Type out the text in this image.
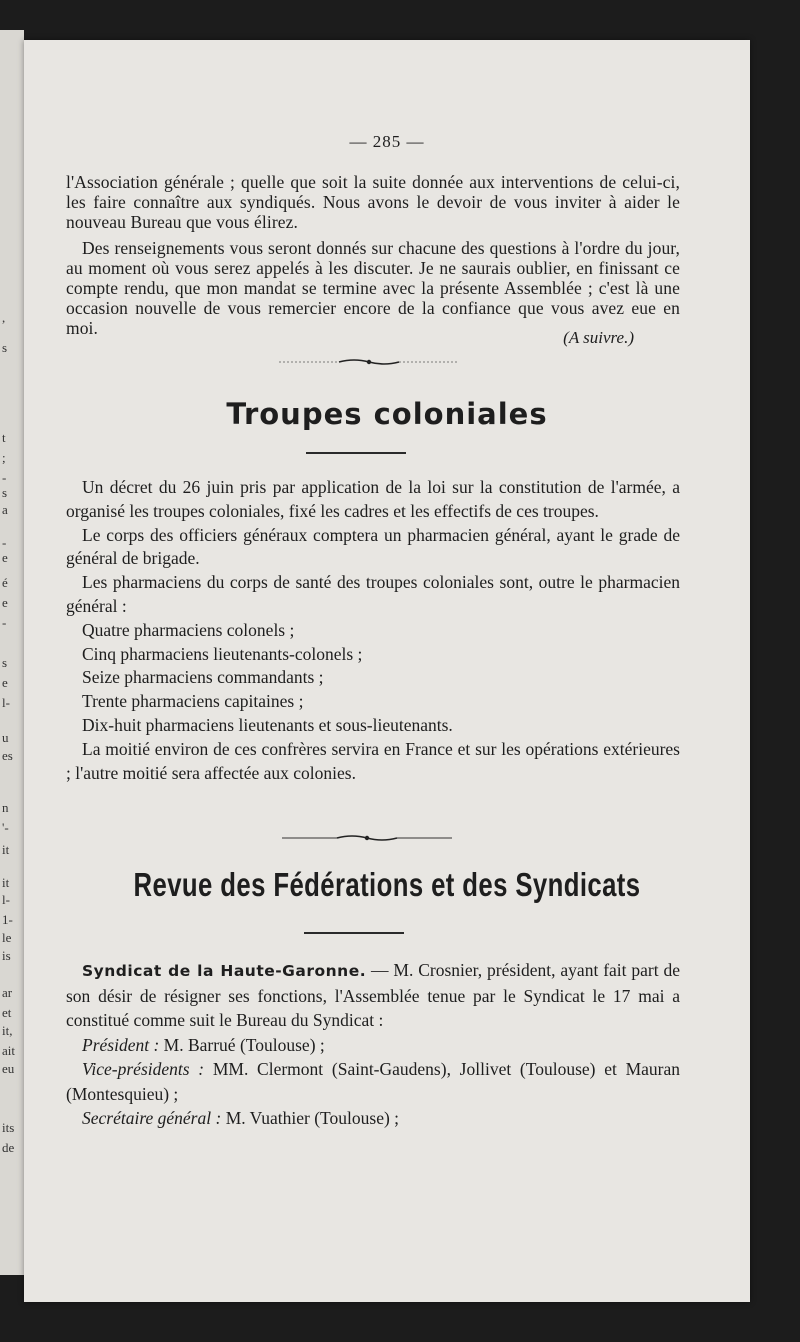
,
s
t
;
-
s
a
-
e
é
e
-
s
e
l-
u
es
n
'-
it
it
l-
1-
le
is
ar
et
it,
ait
eu
its
de
— 285 —

l'Association générale ; quelle que soit la suite donnée aux interventions de celui-ci, les faire connaître aux syndiqués. Nous avons le devoir de vous inviter à aider le nouveau Bureau que vous élirez.

Des renseignements vous seront donnés sur chacune des questions à l'ordre du jour, au moment où vous serez appelés à les discuter. Je ne saurais oublier, en finissant ce compte rendu, que mon mandat se termine avec la présente Assemblée ; c'est là une occasion nouvelle de vous remercier encore de la confiance que vous avez eue en moi.	(A suivre.)

Troupes coloniales

Un décret du 26 juin pris par application de la loi sur la constitution de l'armée, a organisé les troupes coloniales, fixé les cadres et les effectifs de ces troupes.

Le corps des officiers généraux comptera un pharmacien général, ayant le grade de général de brigade.

Les pharmaciens du corps de santé des troupes coloniales sont, outre le pharmacien général :

Quatre pharmaciens colonels ;

Cinq pharmaciens lieutenants-colonels ;

Seize pharmaciens commandants ;

Trente pharmaciens capitaines ;

Dix-huit pharmaciens lieutenants et sous-lieutenants.

La moitié environ de ces confrères servira en France et sur les opérations extérieures ; l'autre moitié sera affectée aux colonies.

Revue des Fédérations et des Syndicats

Syndicat de la Haute-Garonne. — M. Crosnier, président, ayant fait part de son désir de résigner ses fonctions, l'Assemblée tenue par le Syndicat le 17 mai a constitué comme suit le Bureau du Syndicat :

Président : M. Barrué (Toulouse) ;

Vice-présidents : MM. Clermont (Saint-Gaudens), Jollivet (Toulouse) et Mauran (Montesquieu) ;

Secrétaire général : M. Vuathier (Toulouse) ;
